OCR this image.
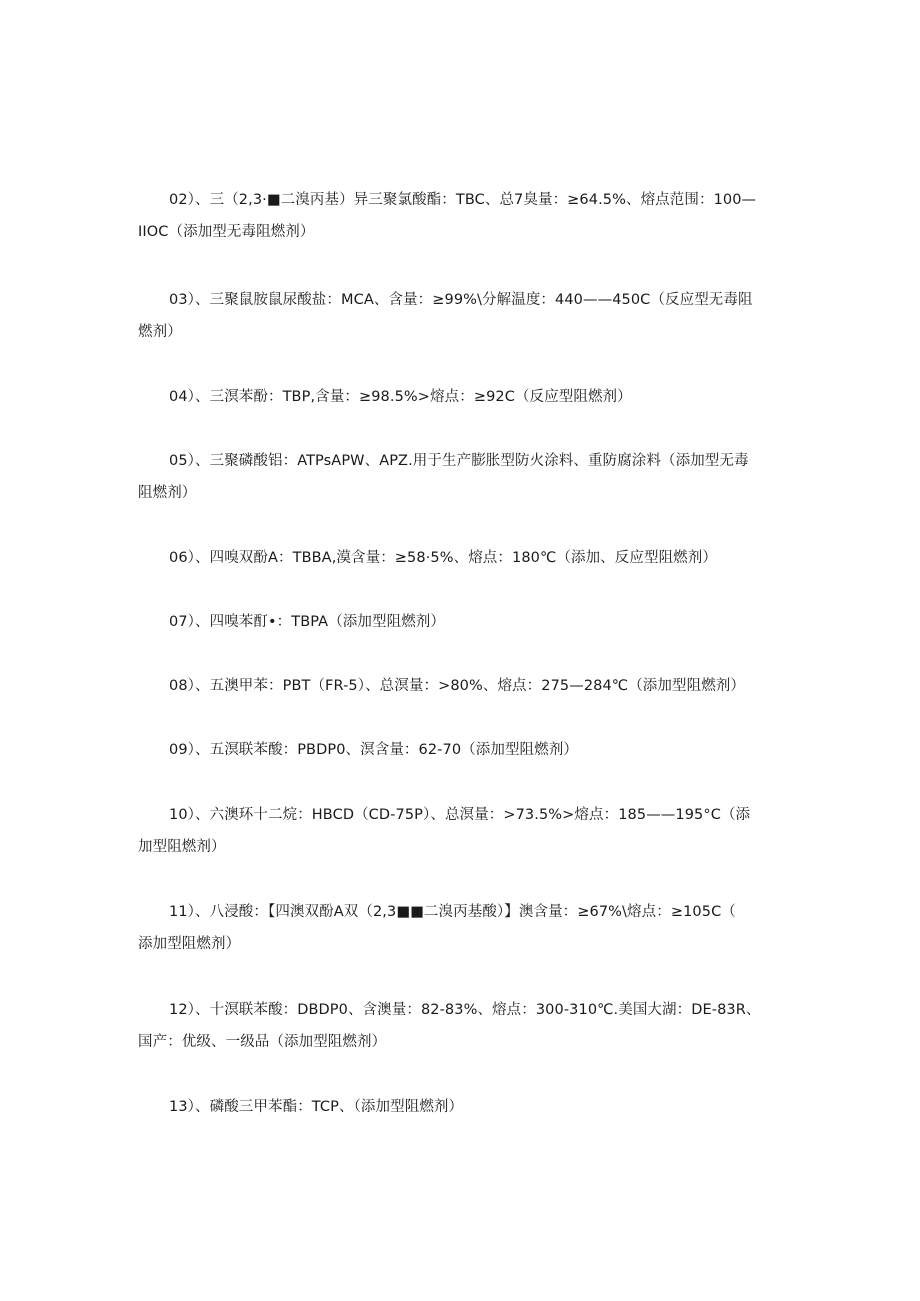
02）、三（2,3·■二溴丙基）异三聚氯酸酯：TBC、总7臭量：≥64.5%、熔点范围：100—
IIOC（添加型无毒阻燃剂）
03）、三聚鼠胺鼠尿酸盐：MCA、含量：≥99%\分解温度：440——450C（反应型无毒阻
燃剂）
04）、三溟苯酚：TBP,含量：≥98.5%>熔点：≥92C（反应型阻燃剂）
05）、三聚磷酸铝：ATPsAPW、APZ.用于生产膨胀型防火涂料、重防腐涂料（添加型无毒
阻燃剂）
06）、四嗅双酚A：TBBA,漠含量：≥58·5%、熔点：180℃（添加、反应型阻燃剂）
07）、四嗅苯酊•：TBPA（添加型阻燃剂）
08）、五澳甲苯：PBT（FR-5）、总溟量：>80%、熔点：275—284℃（添加型阻燃剂）
09）、五溟联苯酸：PBDP0、溟含量：62-70（添加型阻燃剂）
10）、六澳环十二烷：HBCD（CD-75P）、总溟量：>73.5%>熔点：185——195°C（添
加型阻燃剂）
11）、八浸酸：【四澳双酚A双（2,3■■二溴丙基酸）】澳含量：≥67%\熔点：≥105C（
添加型阻燃剂）
12）、十溟联苯酸：DBDP0、含澳量：82-83%、熔点：300-310℃.美国大湖：DE-83R、
国产：优级、一级品（添加型阻燃剂）
13）、磷酸三甲苯酯：TCP、（添加型阻燃剂）
